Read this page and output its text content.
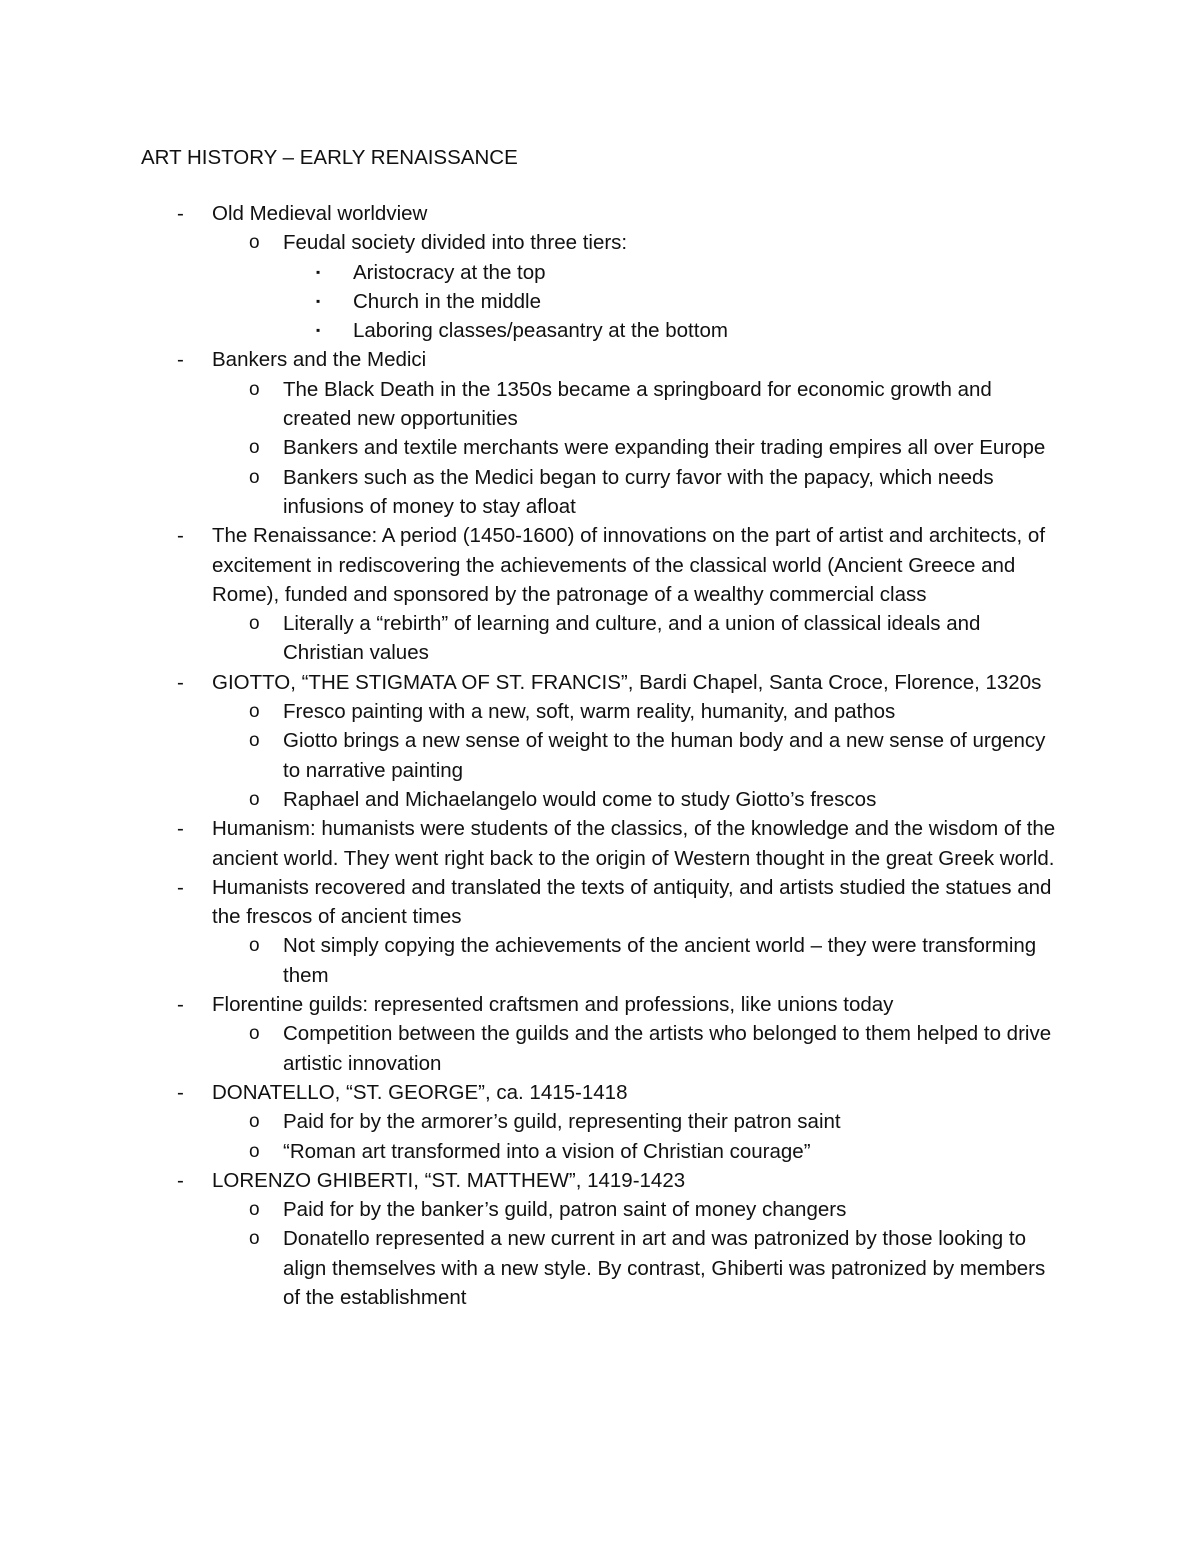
ART HISTORY – EARLY RENAISSANCE
- Old Medieval worldview
o Feudal society divided into three tiers:
▪ Aristocracy at the top
▪ Church in the middle
▪ Laboring classes/peasantry at the bottom
- Bankers and the Medici
o The Black Death in the 1350s became a springboard for economic growth and created new opportunities
o Bankers and textile merchants were expanding their trading empires all over Europe
o Bankers such as the Medici began to curry favor with the papacy, which needs infusions of money to stay afloat
- The Renaissance: A period (1450-1600) of innovations on the part of artist and architects, of excitement in rediscovering the achievements of the classical world (Ancient Greece and Rome), funded and sponsored by the patronage of a wealthy commercial class
o Literally a “rebirth” of learning and culture, and a union of classical ideals and Christian values
- GIOTTO, “THE STIGMATA OF ST. FRANCIS”, Bardi Chapel, Santa Croce, Florence, 1320s
o Fresco painting with a new, soft, warm reality, humanity, and pathos
o Giotto brings a new sense of weight to the human body and a new sense of urgency to narrative painting
o Raphael and Michaelangelo would come to study Giotto’s frescos
- Humanism: humanists were students of the classics, of the knowledge and the wisdom of the ancient world. They went right back to the origin of Western thought in the great Greek world.
- Humanists recovered and translated the texts of antiquity, and artists studied the statues and the frescos of ancient times
o Not simply copying the achievements of the ancient world – they were transforming them
- Florentine guilds: represented craftsmen and professions, like unions today
o Competition between the guilds and the artists who belonged to them helped to drive artistic innovation
- DONATELLO, “ST. GEORGE”, ca. 1415-1418
o Paid for by the armorer’s guild, representing their patron saint
o “Roman art transformed into a vision of Christian courage”
- LORENZO GHIBERTI, “ST. MATTHEW”, 1419-1423
o Paid for by the banker’s guild, patron saint of money changers
o Donatello represented a new current in art and was patronized by those looking to align themselves with a new style. By contrast, Ghiberti was patronized by members of the establishment
